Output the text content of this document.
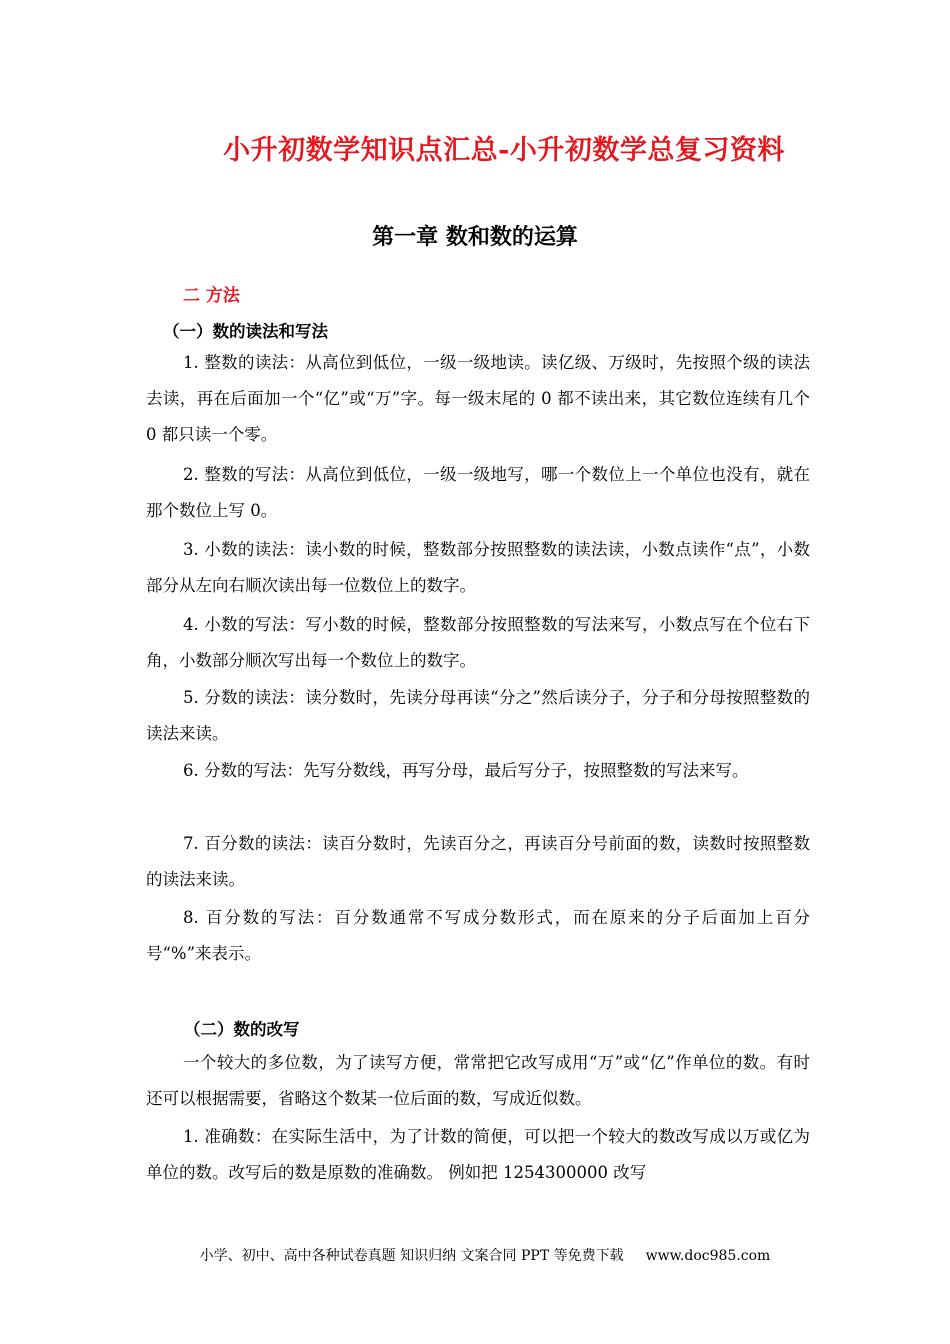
小升初数学知识点汇总-小升初数学总复习资料
第一章 数和数的运算
二 方法
（一）数的读法和写法

1. 整数的读法：从高位到低位，一级一级地读。读亿级、万级时，先按照个级的读法去读，再在后面加一个“亿”或“万”字。每一级末尾的 0 都不读出来，其它数位连续有几个 0 都只读一个零。

2. 整数的写法：从高位到低位，一级一级地写，哪一个数位上一个单位也没有，就在那个数位上写 0。

3. 小数的读法：读小数的时候，整数部分按照整数的读法读，小数点读作“点”，小数部分从左向右顺次读出每一位数位上的数字。

4. 小数的写法：写小数的时候，整数部分按照整数的写法来写，小数点写在个位右下角，小数部分顺次写出每一个数位上的数字。

5. 分数的读法：读分数时，先读分母再读“分之”然后读分子，分子和分母按照整数的读法来读。

6. 分数的写法：先写分数线，再写分母，最后写分子，按照整数的写法来写。

7. 百分数的读法：读百分数时，先读百分之，再读百分号前面的数，读数时按照整数的读法来读。

8. 百分数的写法：百分数通常不写成分数形式，而在原来的分子后面加上百分号“%”来表示。

（二）数的改写

一个较大的多位数，为了读写方便，常常把它改写成用“万”或“亿”作单位的数。有时还可以根据需要，省略这个数某一位后面的数，写成近似数。

1. 准确数：在实际生活中，为了计数的简便，可以把一个较大的数改写成以万或亿为单位的数。改写后的数是原数的准确数。 例如把 1254300000 改写

小学、初中、高中各种试卷真题 知识归纳 文案合同 PPT 等免费下载 www.doc985.com
